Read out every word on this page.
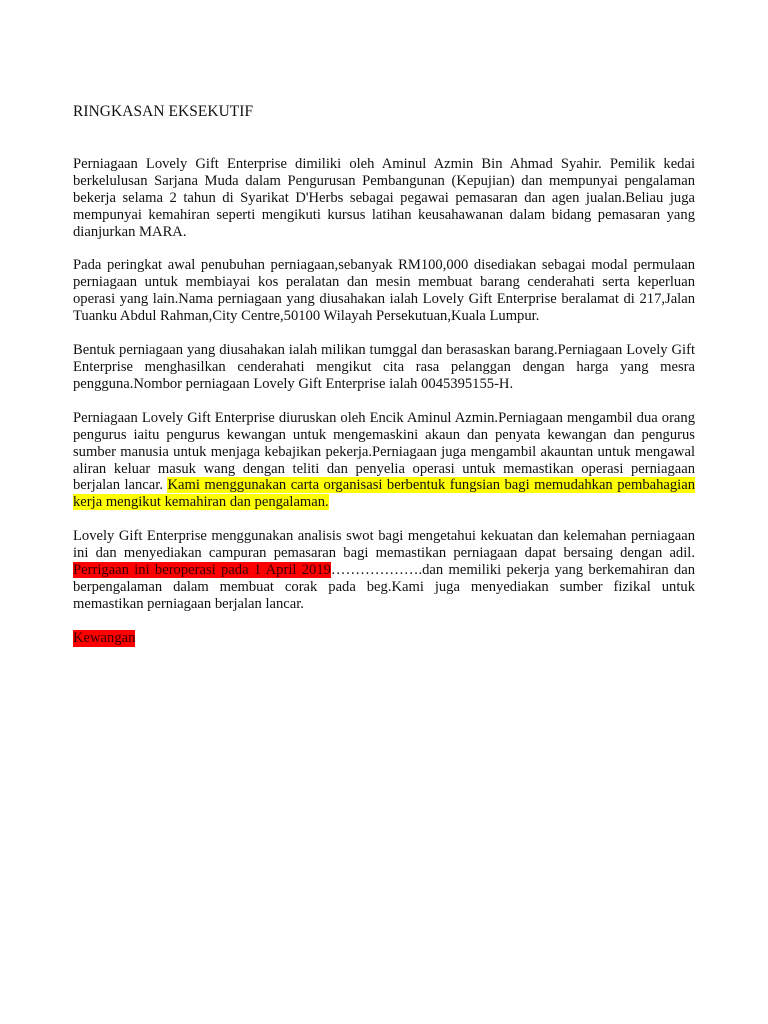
RINGKASAN EKSEKUTIF

Perniagaan Lovely Gift Enterprise dimiliki oleh Aminul Azmin Bin Ahmad Syahir. Pemilik kedai berkelulusan Sarjana Muda dalam Pengurusan Pembangunan (Kepujian) dan mempunyai pengalaman bekerja selama 2 tahun di Syarikat D'Herbs sebagai pegawai pemasaran dan agen jualan.Beliau juga mempunyai kemahiran seperti mengikuti kursus latihan keusahawanan dalam bidang pemasaran yang dianjurkan MARA.

Pada peringkat awal penubuhan perniagaan,sebanyak RM100,000 disediakan sebagai modal permulaan perniagaan untuk membiayai kos peralatan dan mesin membuat barang cenderahati serta keperluan operasi yang lain.Nama perniagaan yang diusahakan ialah Lovely Gift Enterprise beralamat di 217,Jalan Tuanku Abdul Rahman,City Centre,50100 Wilayah Persekutuan,Kuala Lumpur.

Bentuk perniagaan yang diusahakan ialah milikan tumggal dan berasaskan barang.Perniagaan Lovely Gift Enterprise menghasilkan cenderahati mengikut cita rasa pelanggan dengan harga yang mesra pengguna.Nombor perniagaan Lovely Gift Enterprise ialah 0045395155-H.

Perniagaan Lovely Gift Enterprise diuruskan oleh Encik Aminul Azmin.Perniagaan mengambil dua orang pengurus iaitu pengurus kewangan untuk mengemaskini akaun dan penyata kewangan dan pengurus sumber manusia untuk menjaga kebajikan pekerja.Perniagaan juga mengambil akauntan untuk mengawal aliran keluar masuk wang dengan teliti dan penyelia operasi untuk memastikan operasi perniagaan berjalan lancar. Kami menggunakan carta organisasi berbentuk fungsian bagi memudahkan pembahagian kerja mengikut kemahiran dan pengalaman.

Lovely Gift Enterprise menggunakan analisis swot bagi mengetahui kekuatan dan kelemahan perniagaan ini dan menyediakan campuran pemasaran bagi memastikan perniagaan dapat bersaing dengan adil. Perrigaan ini beroperasi pada 1 April 2019……………….dan memiliki pekerja yang berkemahiran dan berpengalaman dalam membuat corak pada beg.Kami juga menyediakan sumber fizikal untuk memastikan perniagaan berjalan lancar.

Kewangan
